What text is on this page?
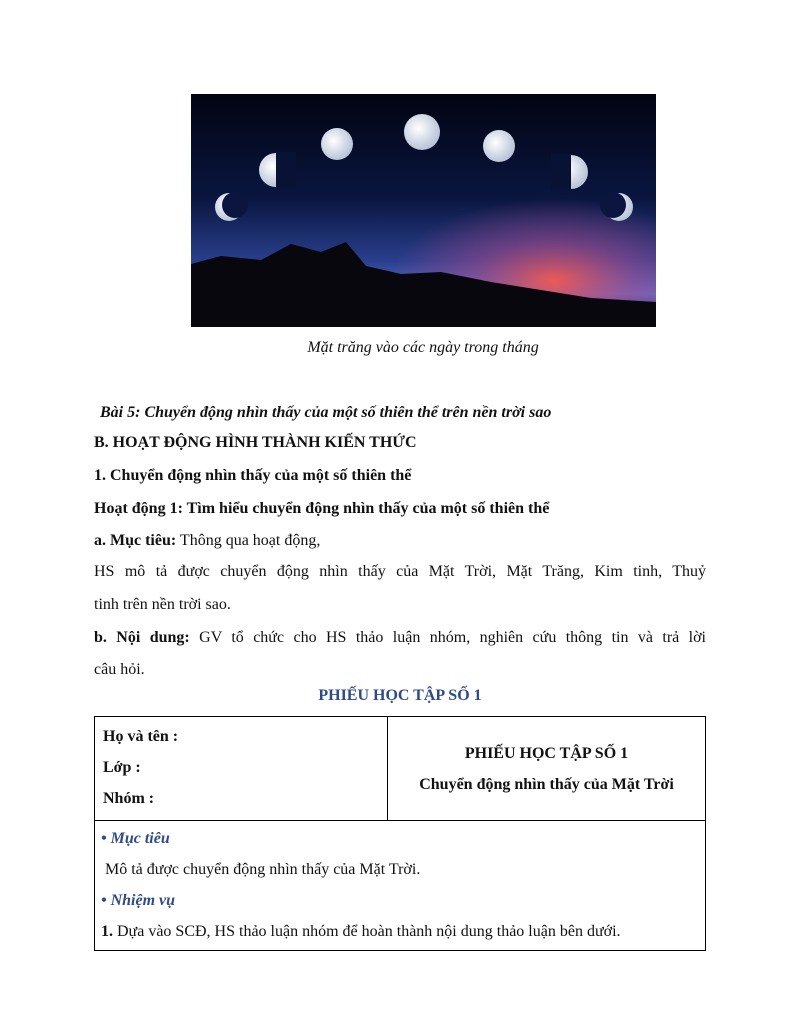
Mặt trăng vào các ngày trong tháng
Bài 5: Chuyển động nhìn thấy của một số thiên thể trên nền trời sao
B. HOẠT ĐỘNG HÌNH THÀNH KIẾN THỨC
1. Chuyển động nhìn thấy của một số thiên thể
Hoạt động 1: Tìm hiểu chuyển động nhìn thấy của một số thiên thể
a. Mục tiêu: Thông qua hoạt động,
HS mô tả được chuyển động nhìn thấy của Mặt Trời, Mặt Trăng, Kim tinh, Thuỷ
tinh trên nền trời sao.
b. Nội dung: GV tổ chức cho HS thảo luận nhóm, nghiên cứu thông tin và trả lời
câu hỏi.
PHIẾU HỌC TẬP SỐ 1
Họ và tên :
Lớp :
Nhóm :

PHIẾU HỌC TẬP SỐ 1
Chuyển động nhìn thấy của Mặt Trời

• Mục tiêu
Mô tả được chuyển động nhìn thấy của Mặt Trời.
• Nhiệm vụ
1. Dựa vào SCĐ, HS thảo luận nhóm để hoàn thành nội dung thảo luận bên dưới.
